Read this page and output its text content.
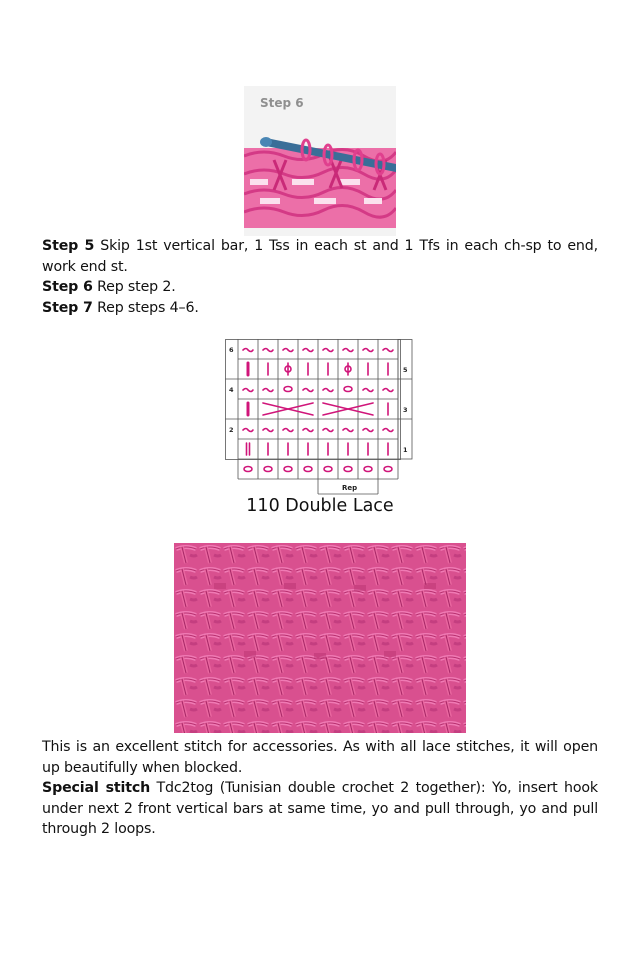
Step 6
Step 5 Skip 1st vertical bar, 1 Tss in each st and 1 Tfs in each ch-sp to end, work end st.
Step 6 Rep step 2.
Step 7 Rep steps 4–6.
6
4
2
5
3
1
Rep
110 Double Lace
This is an excellent stitch for accessories. As with all lace stitches, it will open up beautifully when blocked.
Special stitch Tdc2tog (Tunisian double crochet 2 together): Yo, insert hook under next 2 front vertical bars at same time, yo and pull through, yo and pull through 2 loops.
